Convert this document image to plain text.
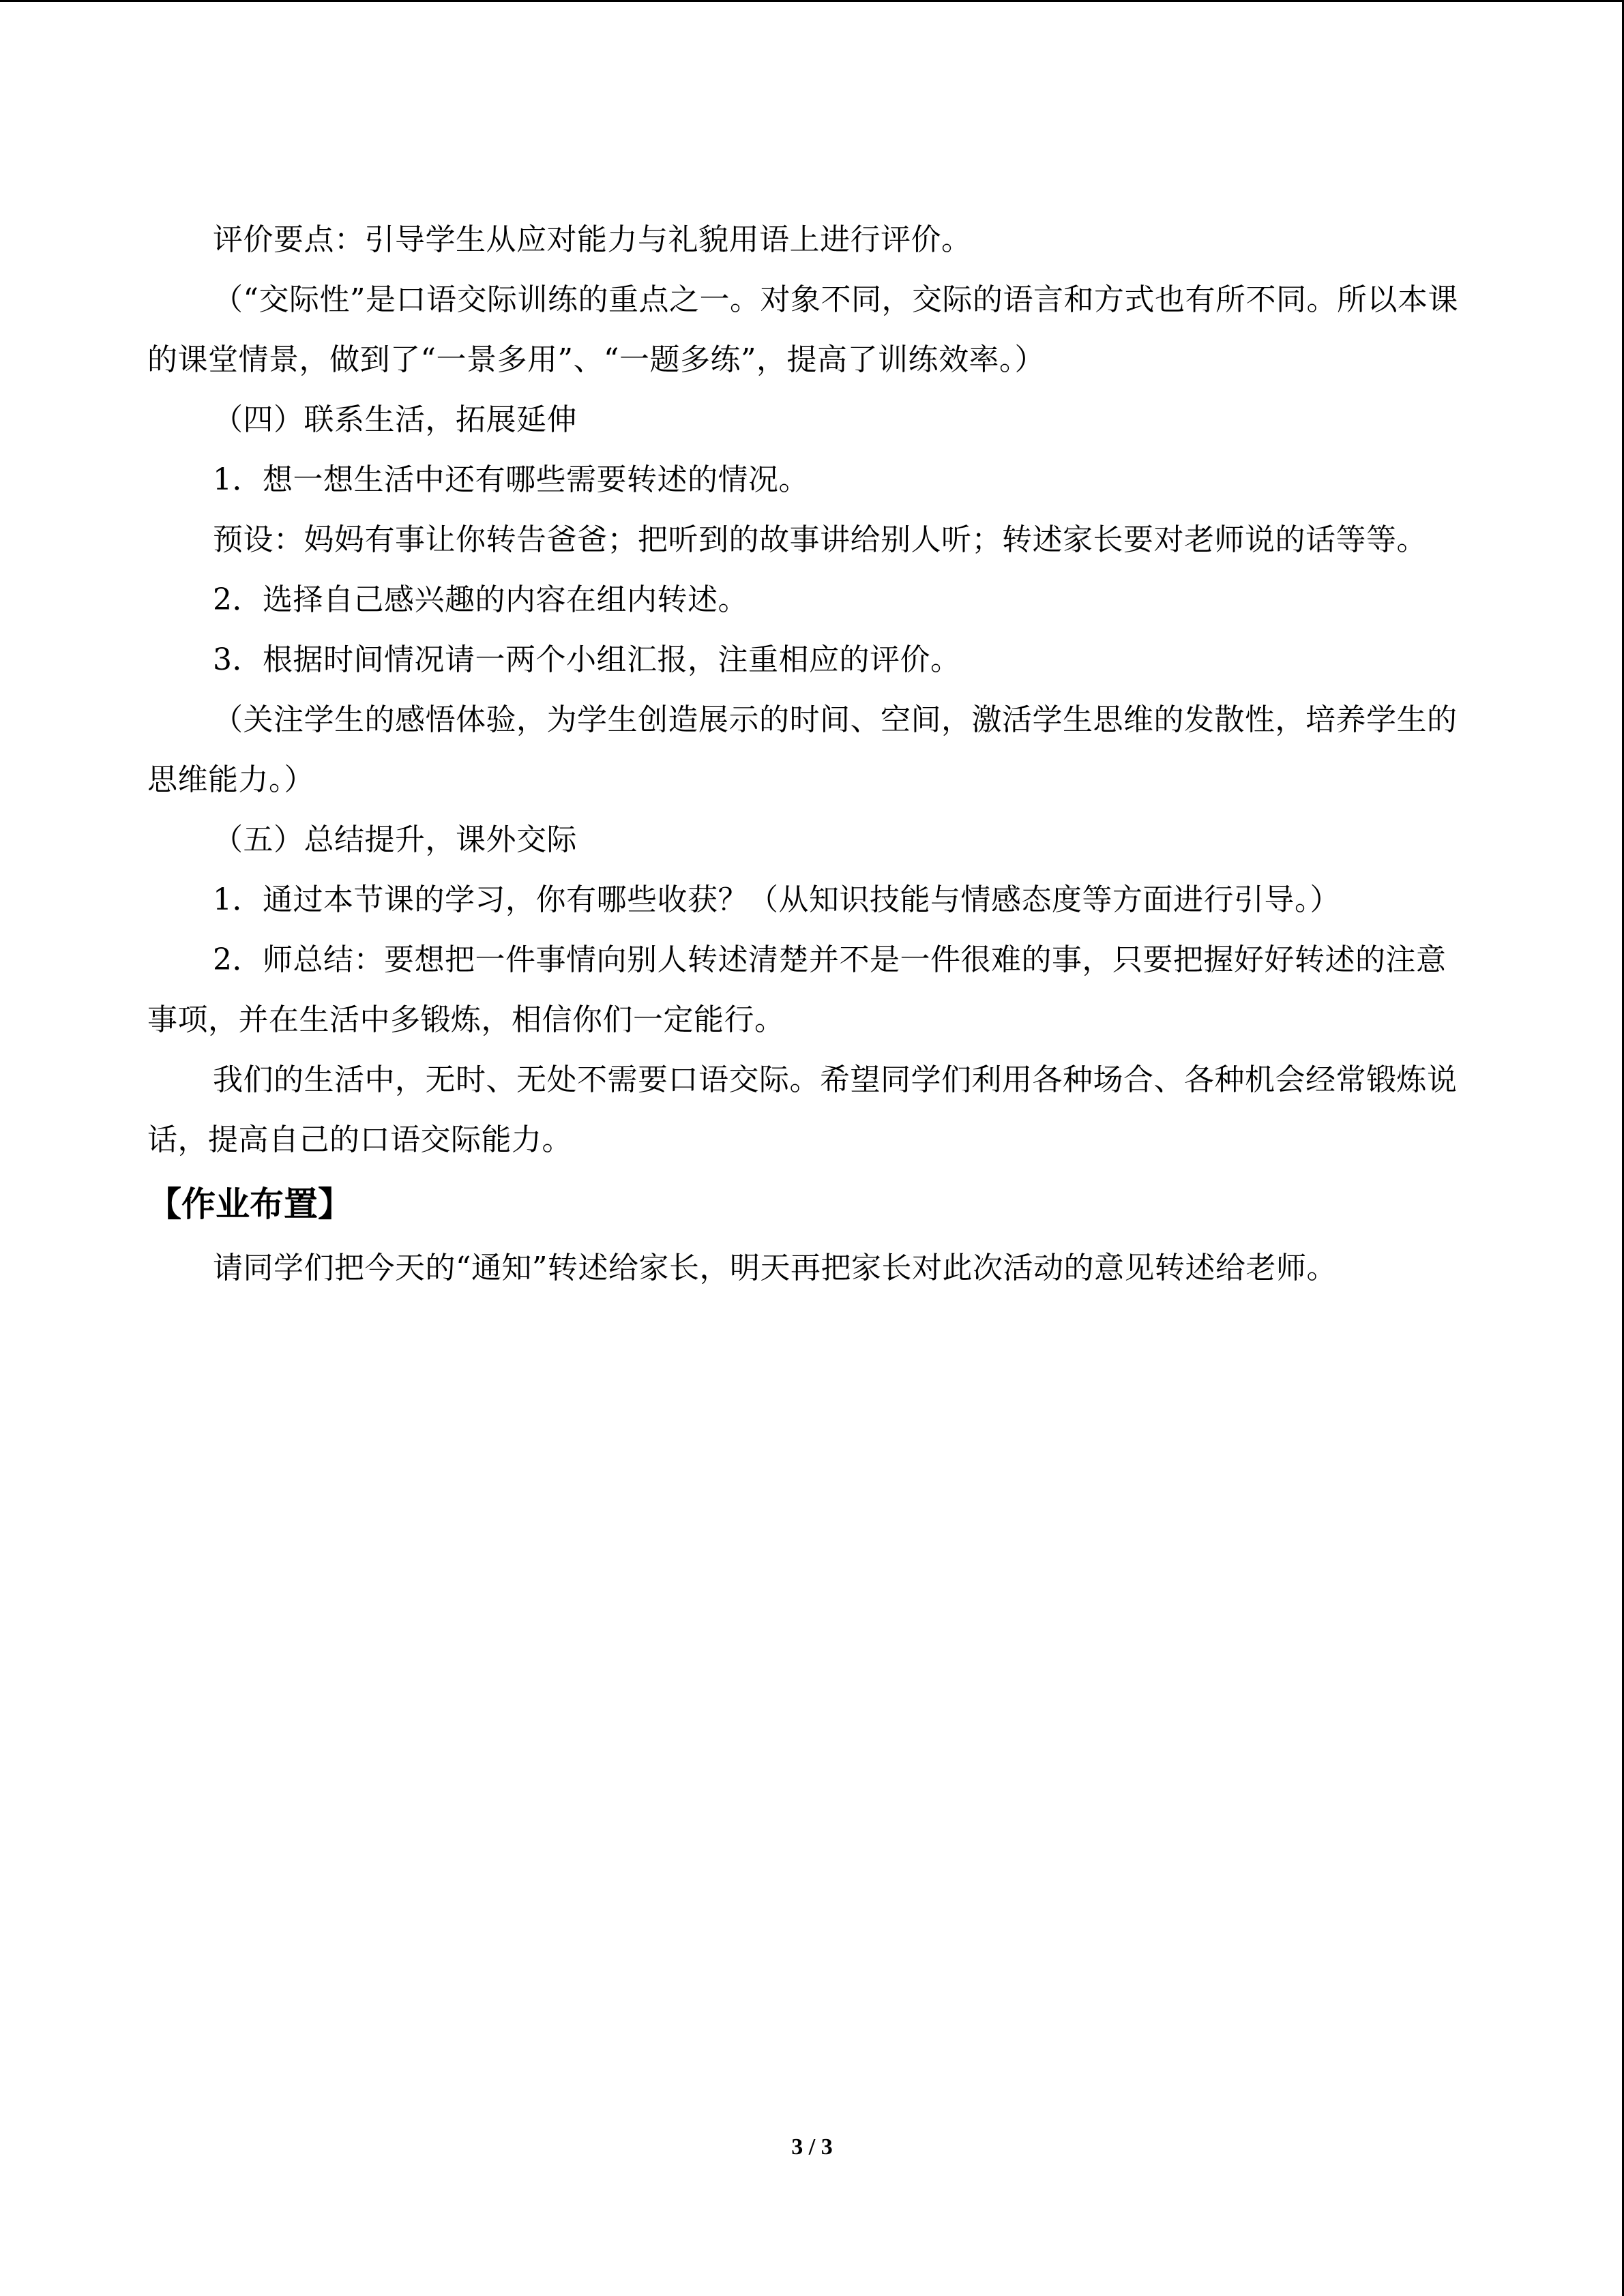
评价要点：引导学生从应对能力与礼貌用语上进行评价。

（“交际性”是口语交际训练的重点之一。对象不同，交际的语言和方式也有所不同。所以本课的课堂情景，做到了“一景多用”、“一题多练”，提高了训练效率。）

（四）联系生活，拓展延伸

1．想一想生活中还有哪些需要转述的情况。

预设：妈妈有事让你转告爸爸；把听到的故事讲给别人听；转述家长要对老师说的话等等。

2．选择自己感兴趣的内容在组内转述。

3．根据时间情况请一两个小组汇报，注重相应的评价。

（关注学生的感悟体验，为学生创造展示的时间、空间，激活学生思维的发散性，培养学生的思维能力。）

（五）总结提升，课外交际

1．通过本节课的学习，你有哪些收获？（从知识技能与情感态度等方面进行引导。）

2．师总结：要想把一件事情向别人转述清楚并不是一件很难的事，只要把握好好转述的注意事项，并在生活中多锻炼，相信你们一定能行。

我们的生活中，无时、无处不需要口语交际。希望同学们利用各种场合、各种机会经常锻炼说话，提高自己的口语交际能力。

【作业布置】

请同学们把今天的“通知”转述给家长，明天再把家长对此次活动的意见转述给老师。

3 / 3
